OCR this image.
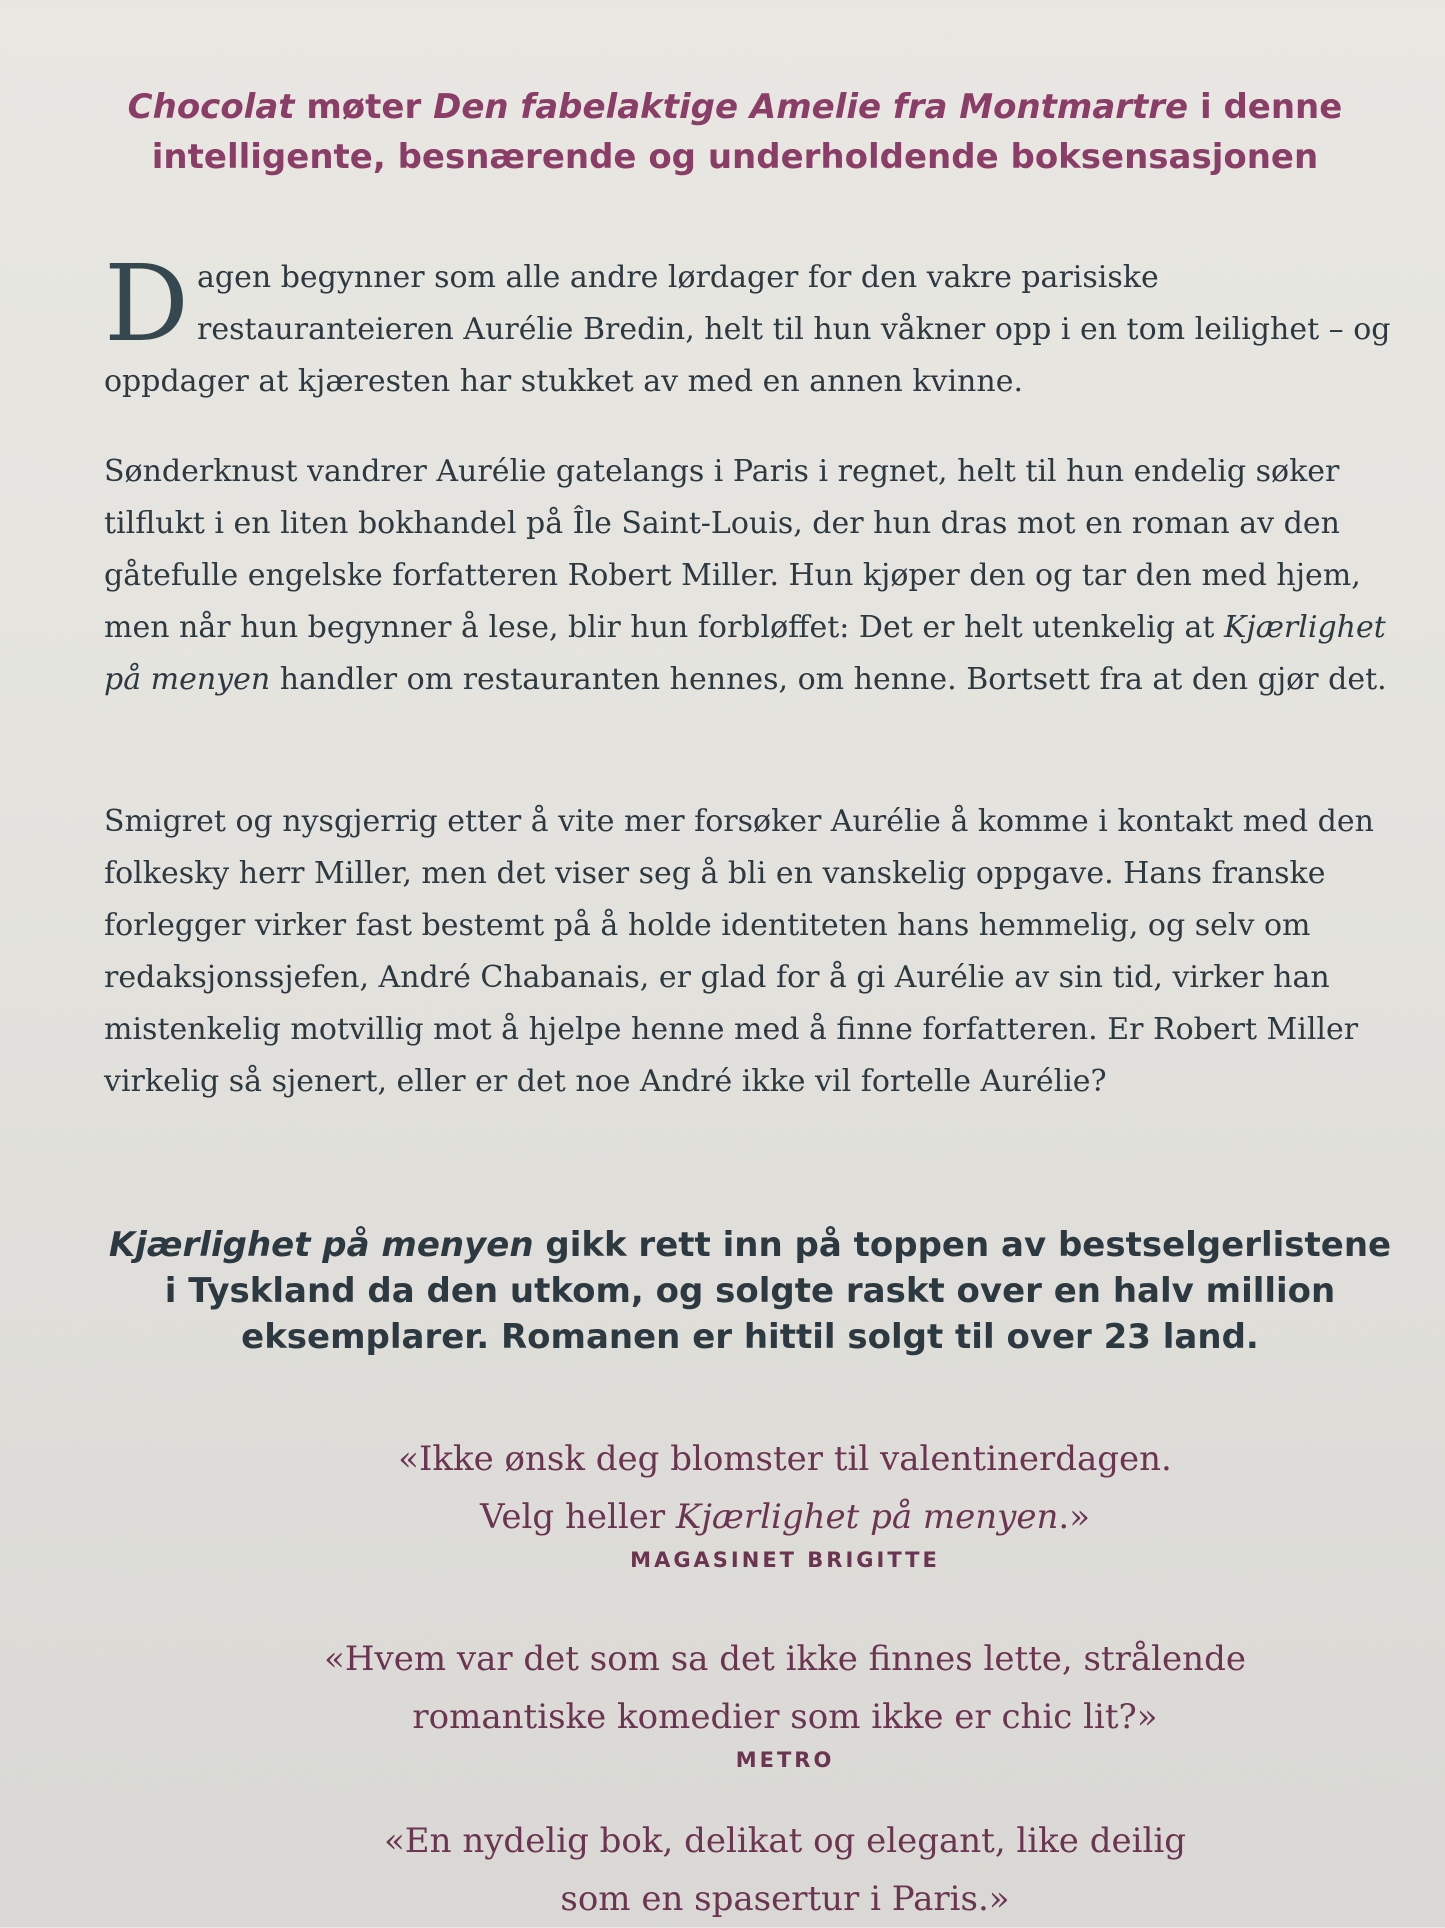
Chocolat møter Den fabelaktige Amelie fra Montmartre i denne intelligente, besnærende og underholdende boksensasjonen
Dagen begynner som alle andre lørdager for den vakre parisiske restauranteieren Aurélie Bredin, helt til hun våkner opp i en tom leilighet – og oppdager at kjæresten har stukket av med en annen kvinne.
Sønderknust vandrer Aurélie gatelangs i Paris i regnet, helt til hun endelig søker tilflukt i en liten bokhandel på Île Saint-Louis, der hun dras mot en roman av den gåtefulle engelske forfatteren Robert Miller. Hun kjøper den og tar den med hjem, men når hun begynner å lese, blir hun forbløffet: Det er helt utenkelig at Kjærlighet på menyen handler om restauranten hennes, om henne. Bortsett fra at den gjør det.
Smigret og nysgjerrig etter å vite mer forsøker Aurélie å komme i kontakt med den folkesky herr Miller, men det viser seg å bli en vanskelig oppgave. Hans franske forlegger virker fast bestemt på å holde identiteten hans hemmelig, og selv om redaksjonssjefen, André Chabanais, er glad for å gi Aurélie av sin tid, virker han mistenkelig motvillig mot å hjelpe henne med å finne forfatteren. Er Robert Miller virkelig så sjenert, eller er det noe André ikke vil fortelle Aurélie?
Kjærlighet på menyen gikk rett inn på toppen av bestselgerlistene i Tyskland da den utkom, og solgte raskt over en halv million eksemplarer. Romanen er hittil solgt til over 23 land.
«Ikke ønsk deg blomster til valentinerdagen.
Velg heller Kjærlighet på menyen.»
MAGASINET BRIGITTE
«Hvem var det som sa det ikke finnes lette, strålende
romantiske komedier som ikke er chic lit?»
METRO
«En nydelig bok, delikat og elegant, like deilig
som en spasertur i Paris.»
